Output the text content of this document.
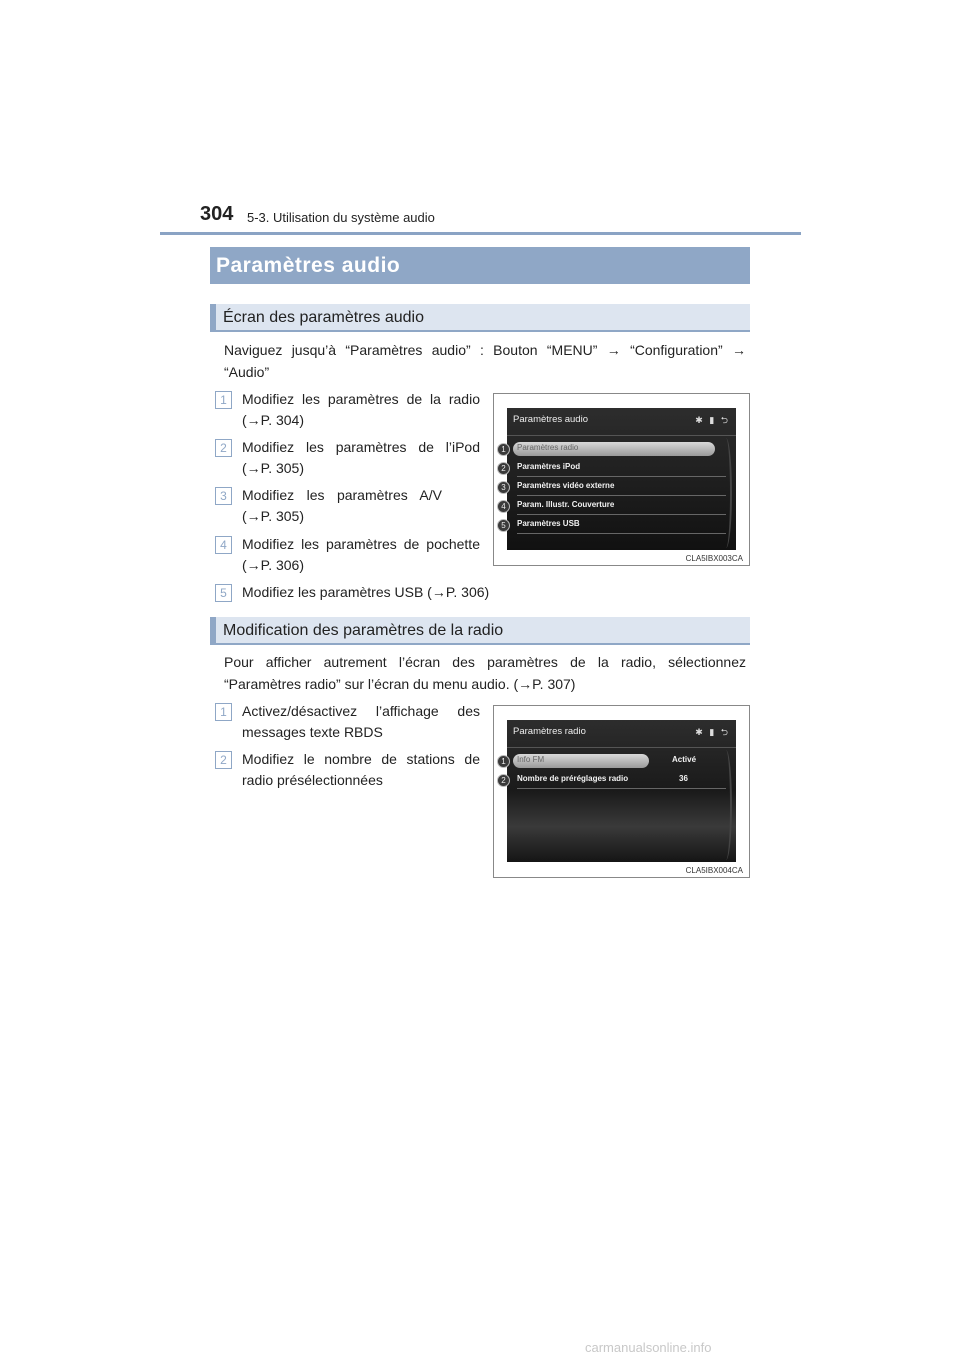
304 5-3. Utilisation du système audio
Paramètres audio
Écran des paramètres audio
Naviguez jusqu’à “Paramètres audio” : Bouton “MENU” → “Configuration” → “Audio”
1	Modifiez les paramètres de la radio (→P. 304)
2	Modifiez les paramètres de l’iPod (→P. 305)
3	Modifiez les paramètres A/V (→P. 305)
4	Modifiez les paramètres de pochette (→P. 306)
5	Modifiez les paramètres USB (→P. 306)
Paramètres audio	✱ ▮ ⮌
Paramètres radio
Paramètres iPod
Paramètres vidéo externe
Param. Illustr. Couverture
Paramètres USB
1
2
3
4
5
CLA5IBX003CA
Modification des paramètres de la radio
Pour afficher autrement l’écran des paramètres de la radio, sélectionnez “Paramètres radio” sur l’écran du menu audio. (→P. 307)
1	Activez/désactivez l’affichage des messages texte RBDS
2	Modifiez le nombre de stations de radio présélectionnées
Paramètres radio	✱ ▮ ⮌
Info FM	Activé
Nombre de préréglages radio	36
1
2
CLA5IBX004CA
carmanualsonline.info
